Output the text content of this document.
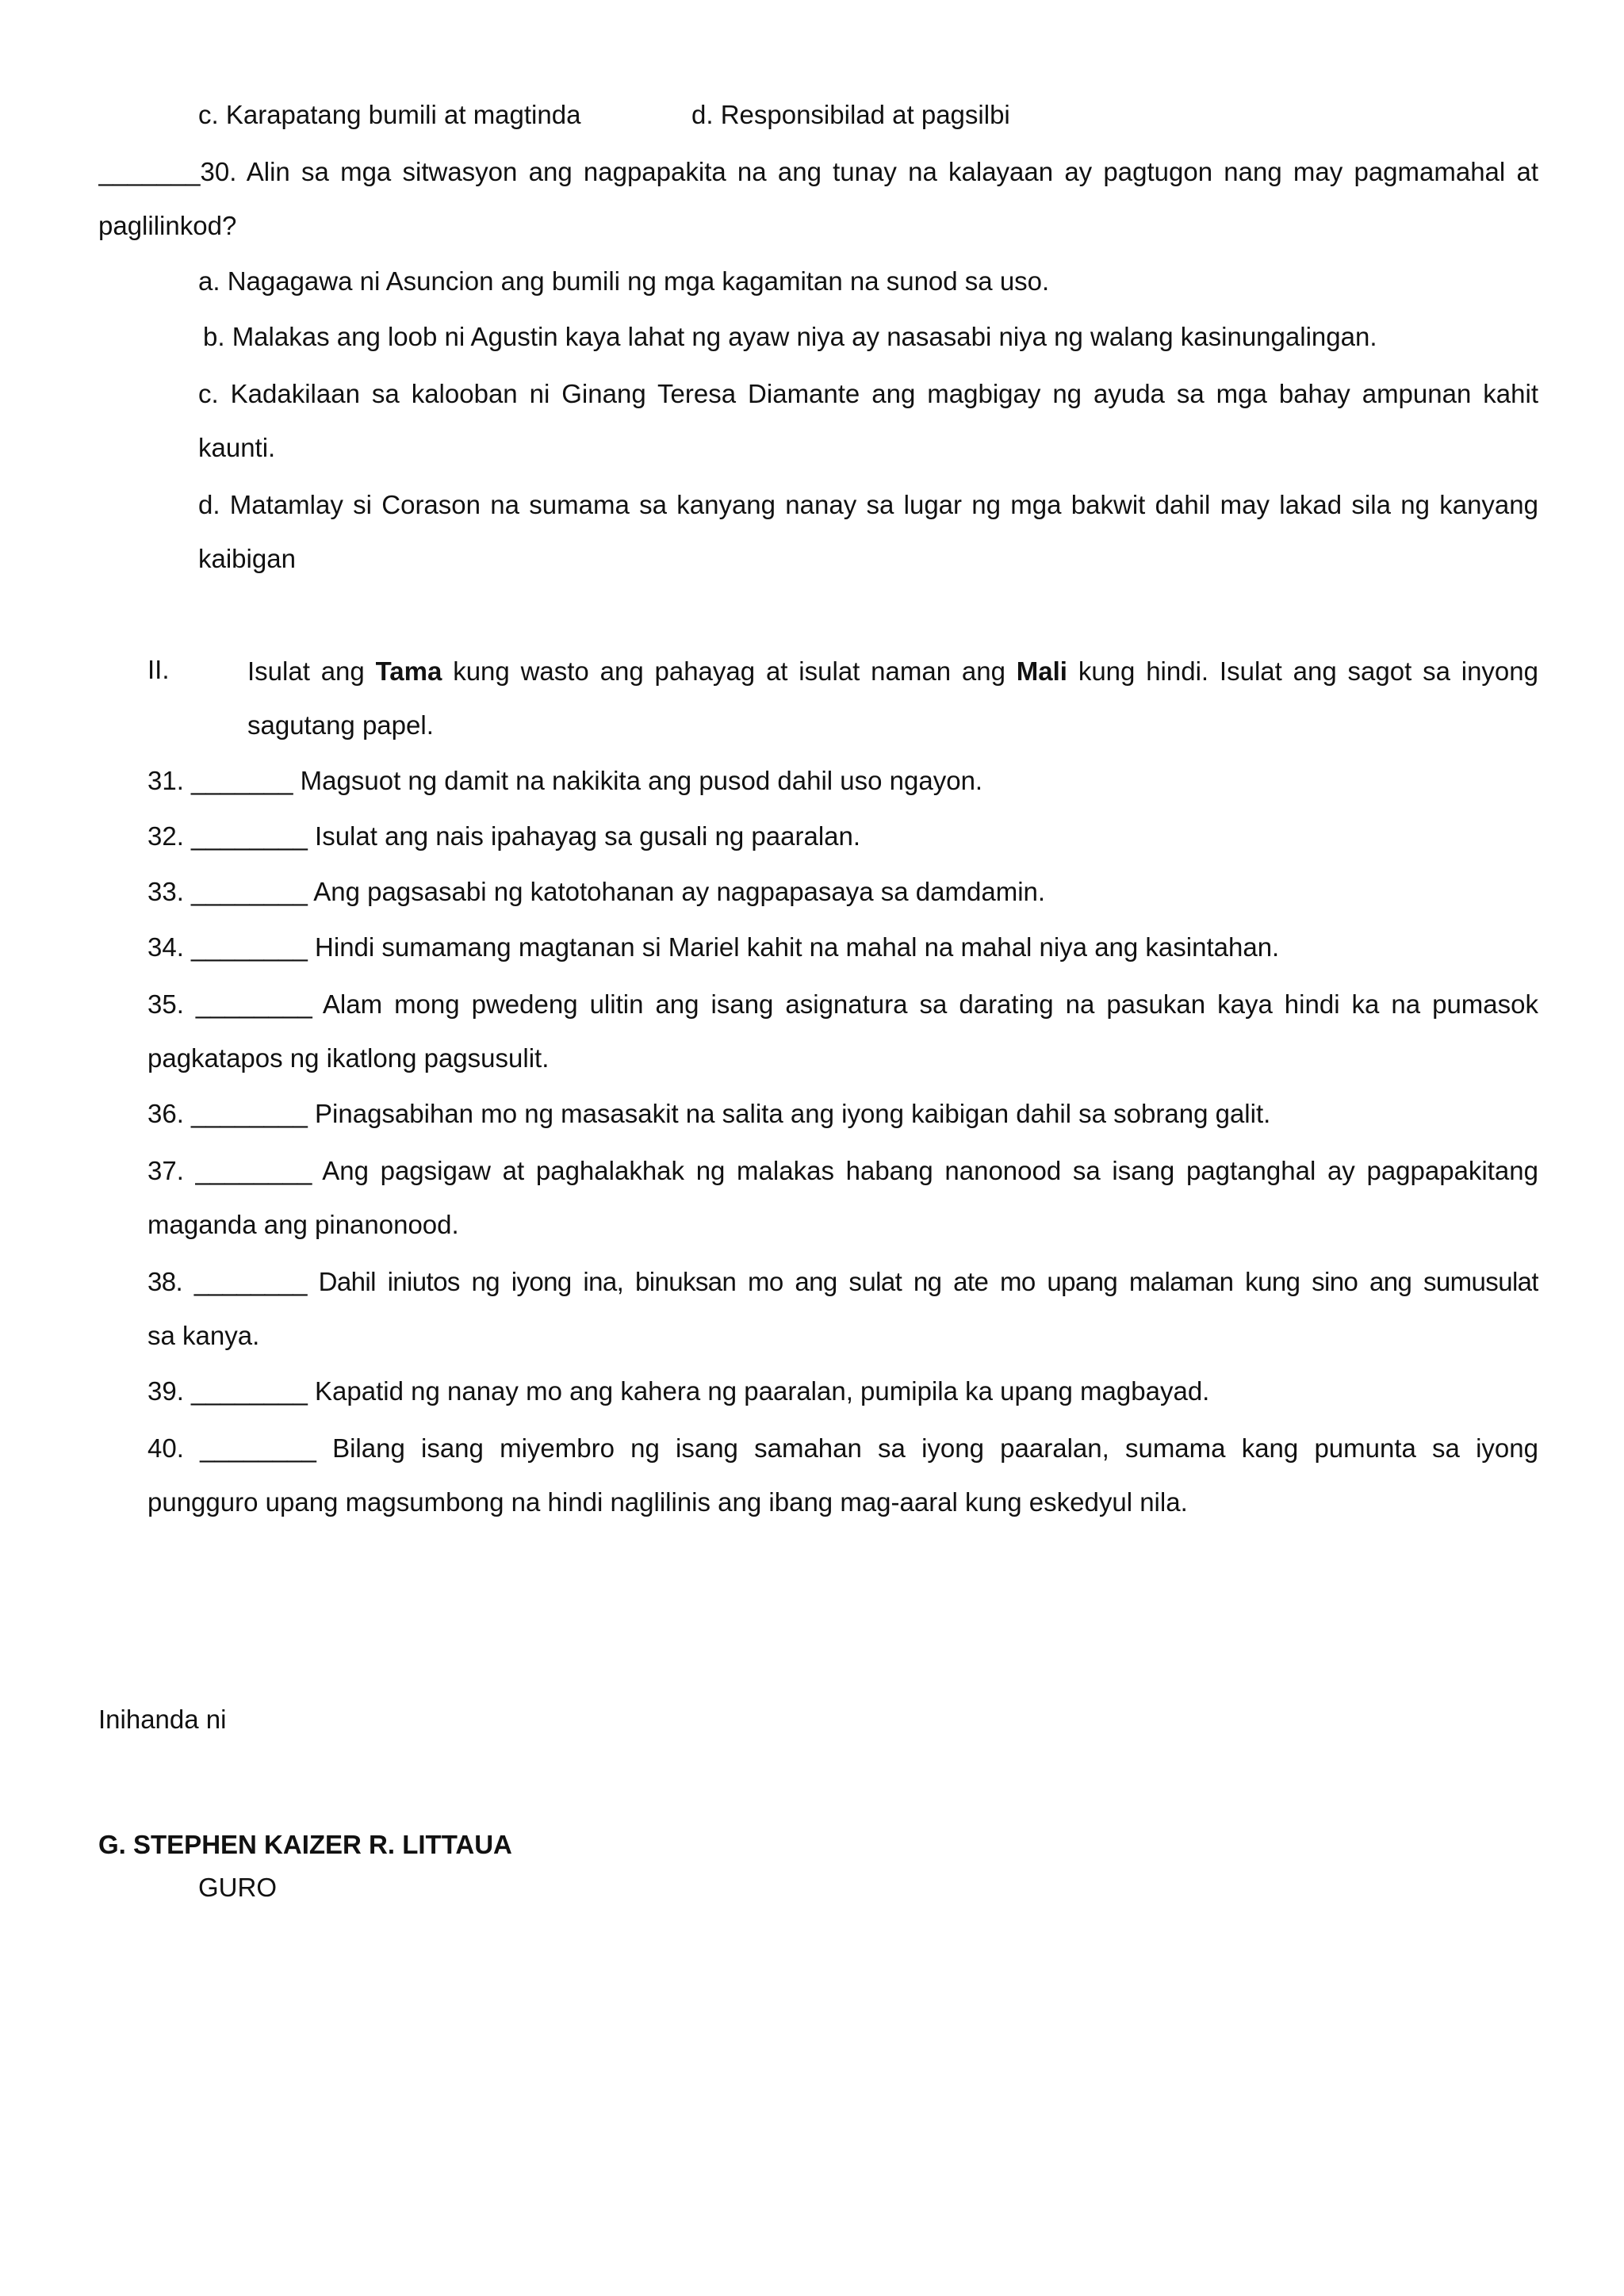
c. Karapatang bumili at magtinda	d. Responsibilad at pagsilbi
_______30. Alin sa mga sitwasyon ang nagpapakita na ang tunay na kalayaan ay pagtugon nang may pagmamahal at
paglilinkod?
a. Nagagawa ni Asuncion ang bumili ng mga kagamitan na sunod sa uso.
b. Malakas ang loob ni Agustin kaya lahat ng ayaw niya ay nasasabi niya ng walang kasinungalingan.
c. Kadakilaan sa kalooban ni Ginang Teresa Diamante ang magbigay ng ayuda sa mga bahay ampunan kahit
kaunti.
d. Matamlay si Corason na sumama sa kanyang nanay sa lugar ng mga bakwit dahil may lakad sila ng kanyang
kaibigan
II.	Isulat ang Tama kung wasto ang pahayag at isulat naman ang Mali kung hindi. Isulat ang sagot sa inyong
sagutang papel.
31. _______ Magsuot ng damit na nakikita ang pusod dahil uso ngayon.
32. ________ Isulat ang nais ipahayag sa gusali ng paaralan.
33. ________ Ang pagsasabi ng katotohanan ay nagpapasaya sa damdamin.
34. ________ Hindi sumamang magtanan si Mariel kahit na mahal na mahal niya ang kasintahan.
35. ________ Alam mong pwedeng ulitin ang isang asignatura sa darating na pasukan kaya hindi ka na pumasok
pagkatapos ng ikatlong pagsusulit.
36. ________ Pinagsabihan mo ng masasakit na salita ang iyong kaibigan dahil sa sobrang galit.
37. ________ Ang pagsigaw at paghalakhak ng malakas habang nanonood sa isang pagtanghal ay pagpapakitang
maganda ang pinanonood.
38. ________ Dahil iniutos ng iyong ina, binuksan mo ang sulat ng ate mo upang malaman kung sino ang sumusulat
sa kanya.
39. ________ Kapatid ng nanay mo ang kahera ng paaralan, pumipila ka upang magbayad.
40. ________ Bilang isang miyembro ng isang samahan sa iyong paaralan, sumama kang pumunta sa iyong
pungguro upang magsumbong na hindi naglilinis ang ibang mag-aaral kung eskedyul nila.
Inihanda ni
G. STEPHEN KAIZER R. LITTAUA
GURO
